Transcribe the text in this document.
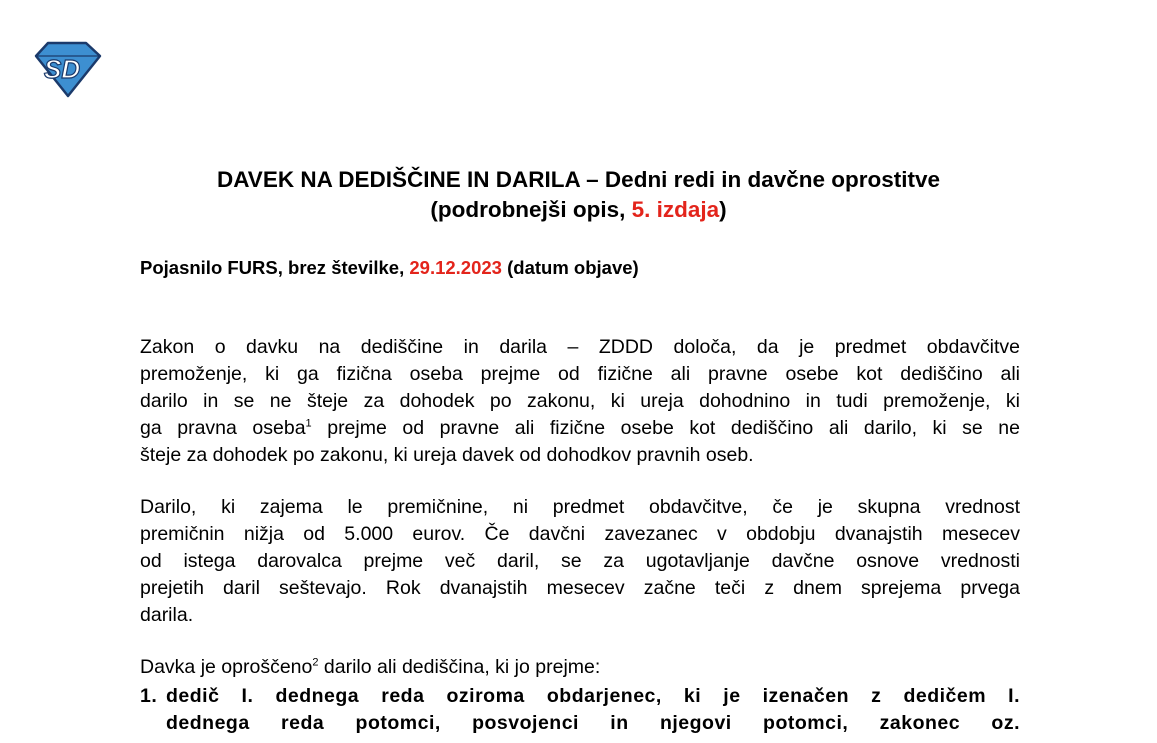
SD
DAVEK NA DEDIŠČINE IN DARILA – Dedni redi in davčne oprostitve
(podrobnejši opis, 5. izdaja)
Pojasnilo FURS, brez številke, 29.12.2023 (datum objave)
Zakon o davku na dediščine in darila – ZDDD določa, da je predmet obdavčitve
premoženje, ki ga fizična oseba prejme od fizične ali pravne osebe kot dediščino ali
darilo in se ne šteje za dohodek po zakonu, ki ureja dohodnino in tudi premoženje, ki
ga pravna oseba$^1$ prejme od pravne ali fizične osebe kot dediščino ali darilo, ki se ne
šteje za dohodek po zakonu, ki ureja davek od dohodkov pravnih oseb.
Darilo, ki zajema le premičnine, ni predmet obdavčitve, če je skupna vrednost
premičnin nižja od 5.000 eurov. Če davčni zavezanec v obdobju dvanajstih mesecev
od istega darovalca prejme več daril, se za ugotavljanje davčne osnove vrednosti
prejetih daril seštevajo. Rok dvanajstih mesecev začne teči z dnem sprejema prvega
darila.
Davka je oproščeno$^2$ darilo ali dediščina, ki jo prejme:
1. dedič I. dednega reda oziroma obdarjenec, ki je izenačen z dedičem I.
dednega reda potomci, posvojenci in njegovi potomci, zakonec oz.
